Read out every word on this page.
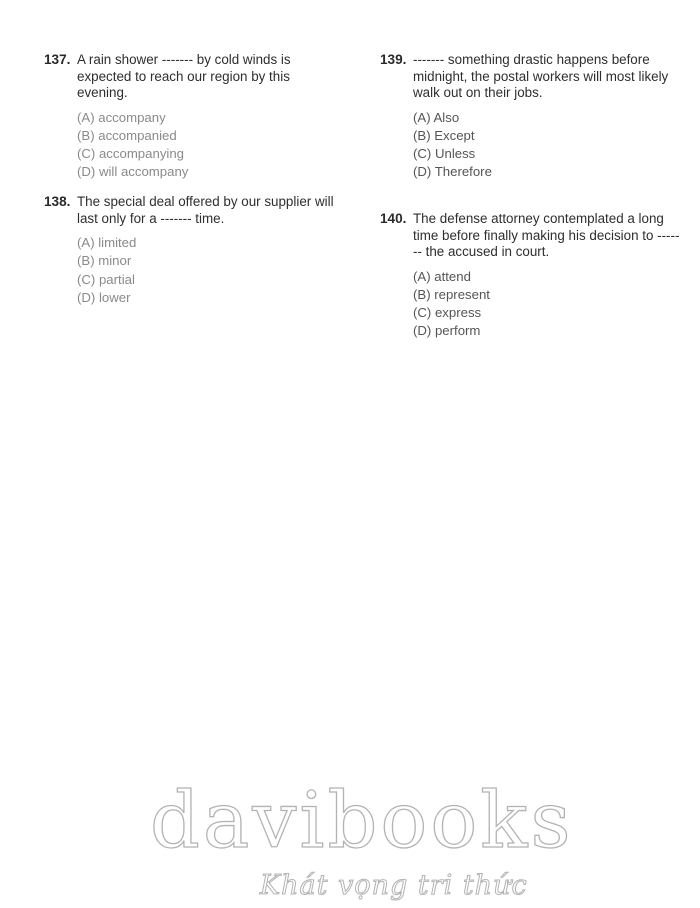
137. A rain shower ------- by cold winds is expected to reach our region by this evening.
(A) accompany
(B) accompanied
(C) accompanying
(D) will accompany
138. The special deal offered by our supplier will last only for a ------- time.
(A) limited
(B) minor
(C) partial
(D) lower
139. ------- something drastic happens before midnight, the postal workers will most likely walk out on their jobs.
(A) Also
(B) Except
(C) Unless
(D) Therefore
140. The defense attorney contemplated a long time before finally making his decision to ------- the accused in court.
(A) attend
(B) represent
(C) express
(D) perform
davibooks
Khát vọng tri thức
